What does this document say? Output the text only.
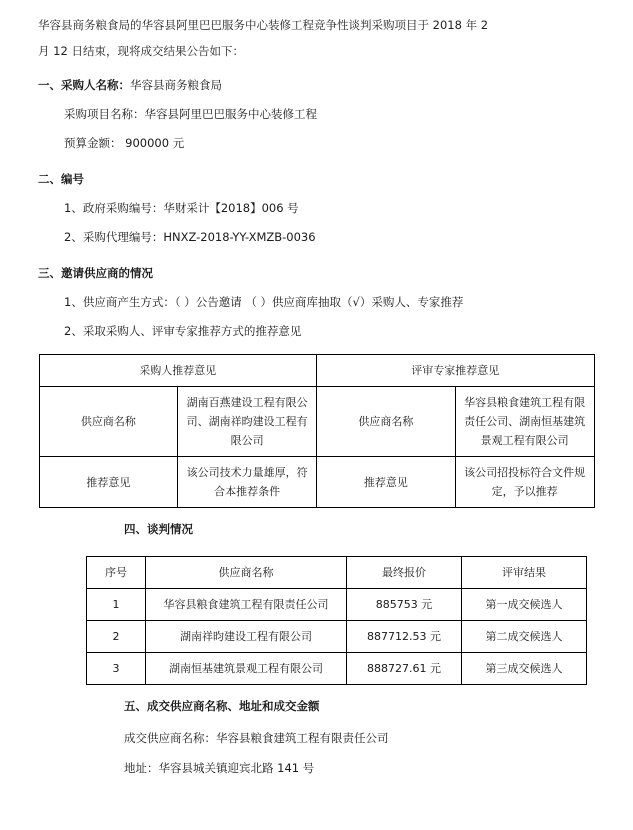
华容县商务粮食局的华容县阿里巴巴服务中心装修工程竞争性谈判采购项目于 2018 年 2
月 12 日结束，现将成交结果公告如下：
一、采购人名称：华容县商务粮食局
采购项目名称：华容县阿里巴巴服务中心装修工程
预算金额： 900000 元
二、编号
1、政府采购编号：华财采计【2018】006 号
2、采购代理编号：HNXZ-2018-YY-XMZB-0036
三、邀请供应商的情况
1、供应商产生方式：（ ）公告邀请 （ ）供应商库抽取（√）采购人、专家推荐
2、采取采购人、评审专家推荐方式的推荐意见
采购人推荐意见		评审专家推荐意见	
供应商名称	湖南百燕建设工程有限公司、湖南祥昀建设工程有限公司	供应商名称	华容县粮食建筑工程有限责任公司、湖南恒基建筑景观工程有限公司
推荐意见	该公司技术力量雄厚，符合本推荐条件	推荐意见	该公司招投标符合文件规定，予以推荐
四、谈判情况
序号	供应商名称	最终报价	评审结果
1	华容县粮食建筑工程有限责任公司	885753 元	第一成交候选人
2	湖南祥昀建设工程有限公司	887712.53 元	第二成交候选人
3	湖南恒基建筑景观工程有限公司	888727.61 元	第三成交候选人
五、成交供应商名称、地址和成交金额
成交供应商名称：华容县粮食建筑工程有限责任公司
地址：华容县城关镇迎宾北路 141 号
